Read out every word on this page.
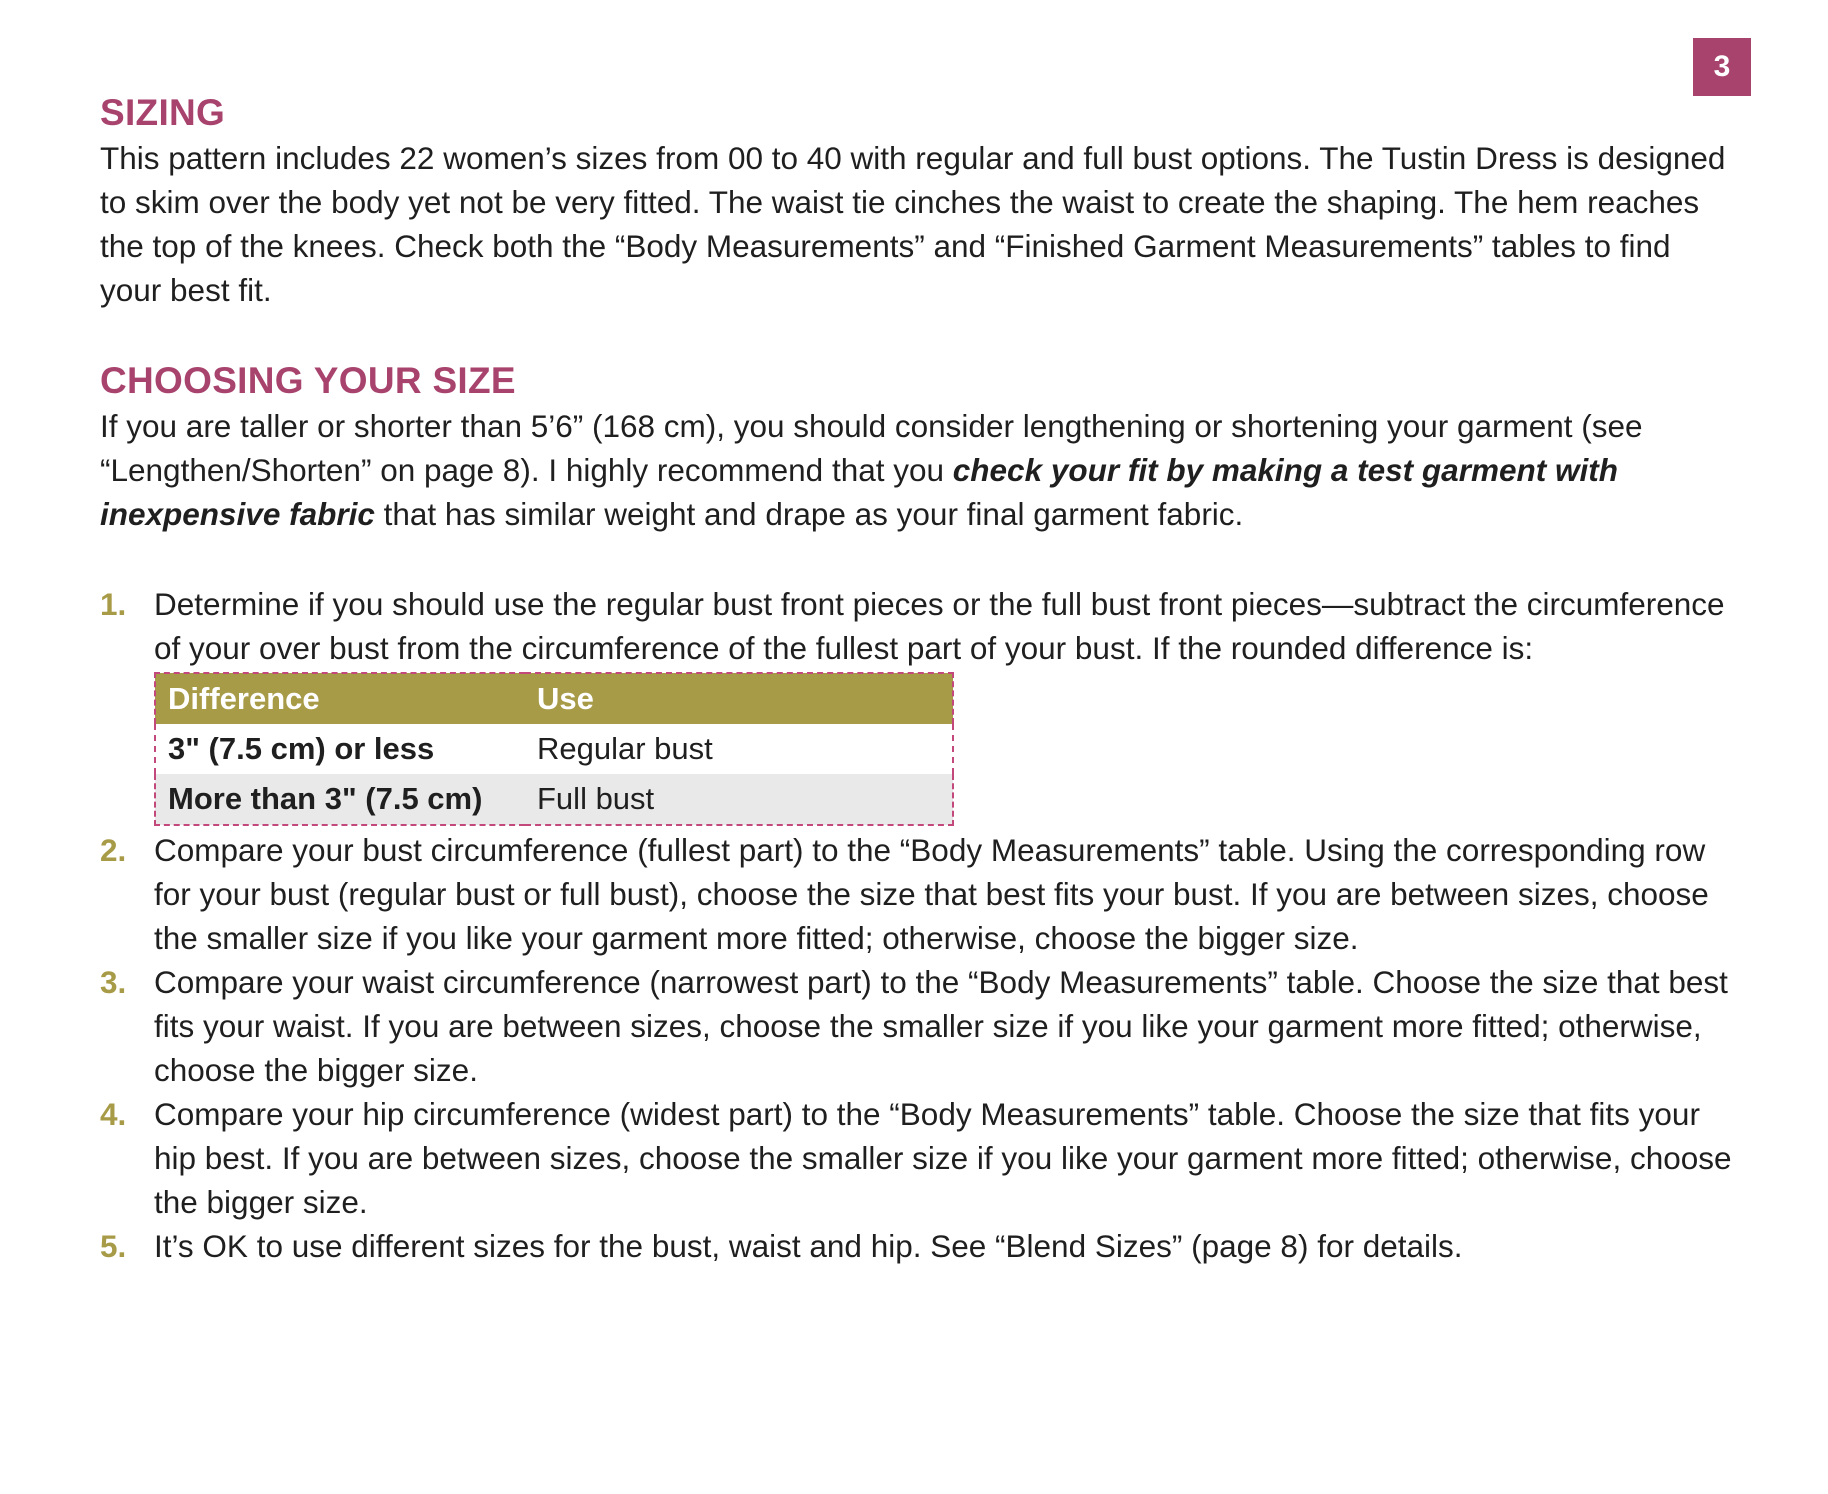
3
SIZING

This pattern includes 22 women’s sizes from 00 to 40 with regular and full bust options. The Tustin Dress is designed to skim over the body yet not be very fitted. The waist tie cinches the waist to create the shaping. The hem reaches the top of the knees. Check both the “Body Measurements” and “Finished Garment Measurements” tables to find your best fit.

CHOOSING YOUR SIZE

If you are taller or shorter than 5’6” (168 cm), you should consider lengthening or shortening your garment (see “Lengthen/Shorten” on page 8). I highly recommend that you check your fit by making a test garment with inexpensive fabric that has similar weight and drape as your final garment fabric.

1. Determine if you should use the regular bust front pieces or the full bust front pieces—subtract the circumference of your over bust from the circumference of the fullest part of your bust. If the rounded difference is:
Difference	Use
3" (7.5 cm) or less	Regular bust
More than 3" (7.5 cm)	Full bust
2. Compare your bust circumference (fullest part) to the “Body Measurements” table. Using the corresponding row for your bust (regular bust or full bust), choose the size that best fits your bust. If you are between sizes, choose the smaller size if you like your garment more fitted; otherwise, choose the bigger size.
3. Compare your waist circumference (narrowest part) to the “Body Measurements” table. Choose the size that best fits your waist. If you are between sizes, choose the smaller size if you like your garment more fitted; otherwise, choose the bigger size.
4. Compare your hip circumference (widest part) to the “Body Measurements” table. Choose the size that fits your hip best. If you are between sizes, choose the smaller size if you like your garment more fitted; otherwise, choose the bigger size.
5. It’s OK to use different sizes for the bust, waist and hip. See “Blend Sizes” (page 8) for details.
